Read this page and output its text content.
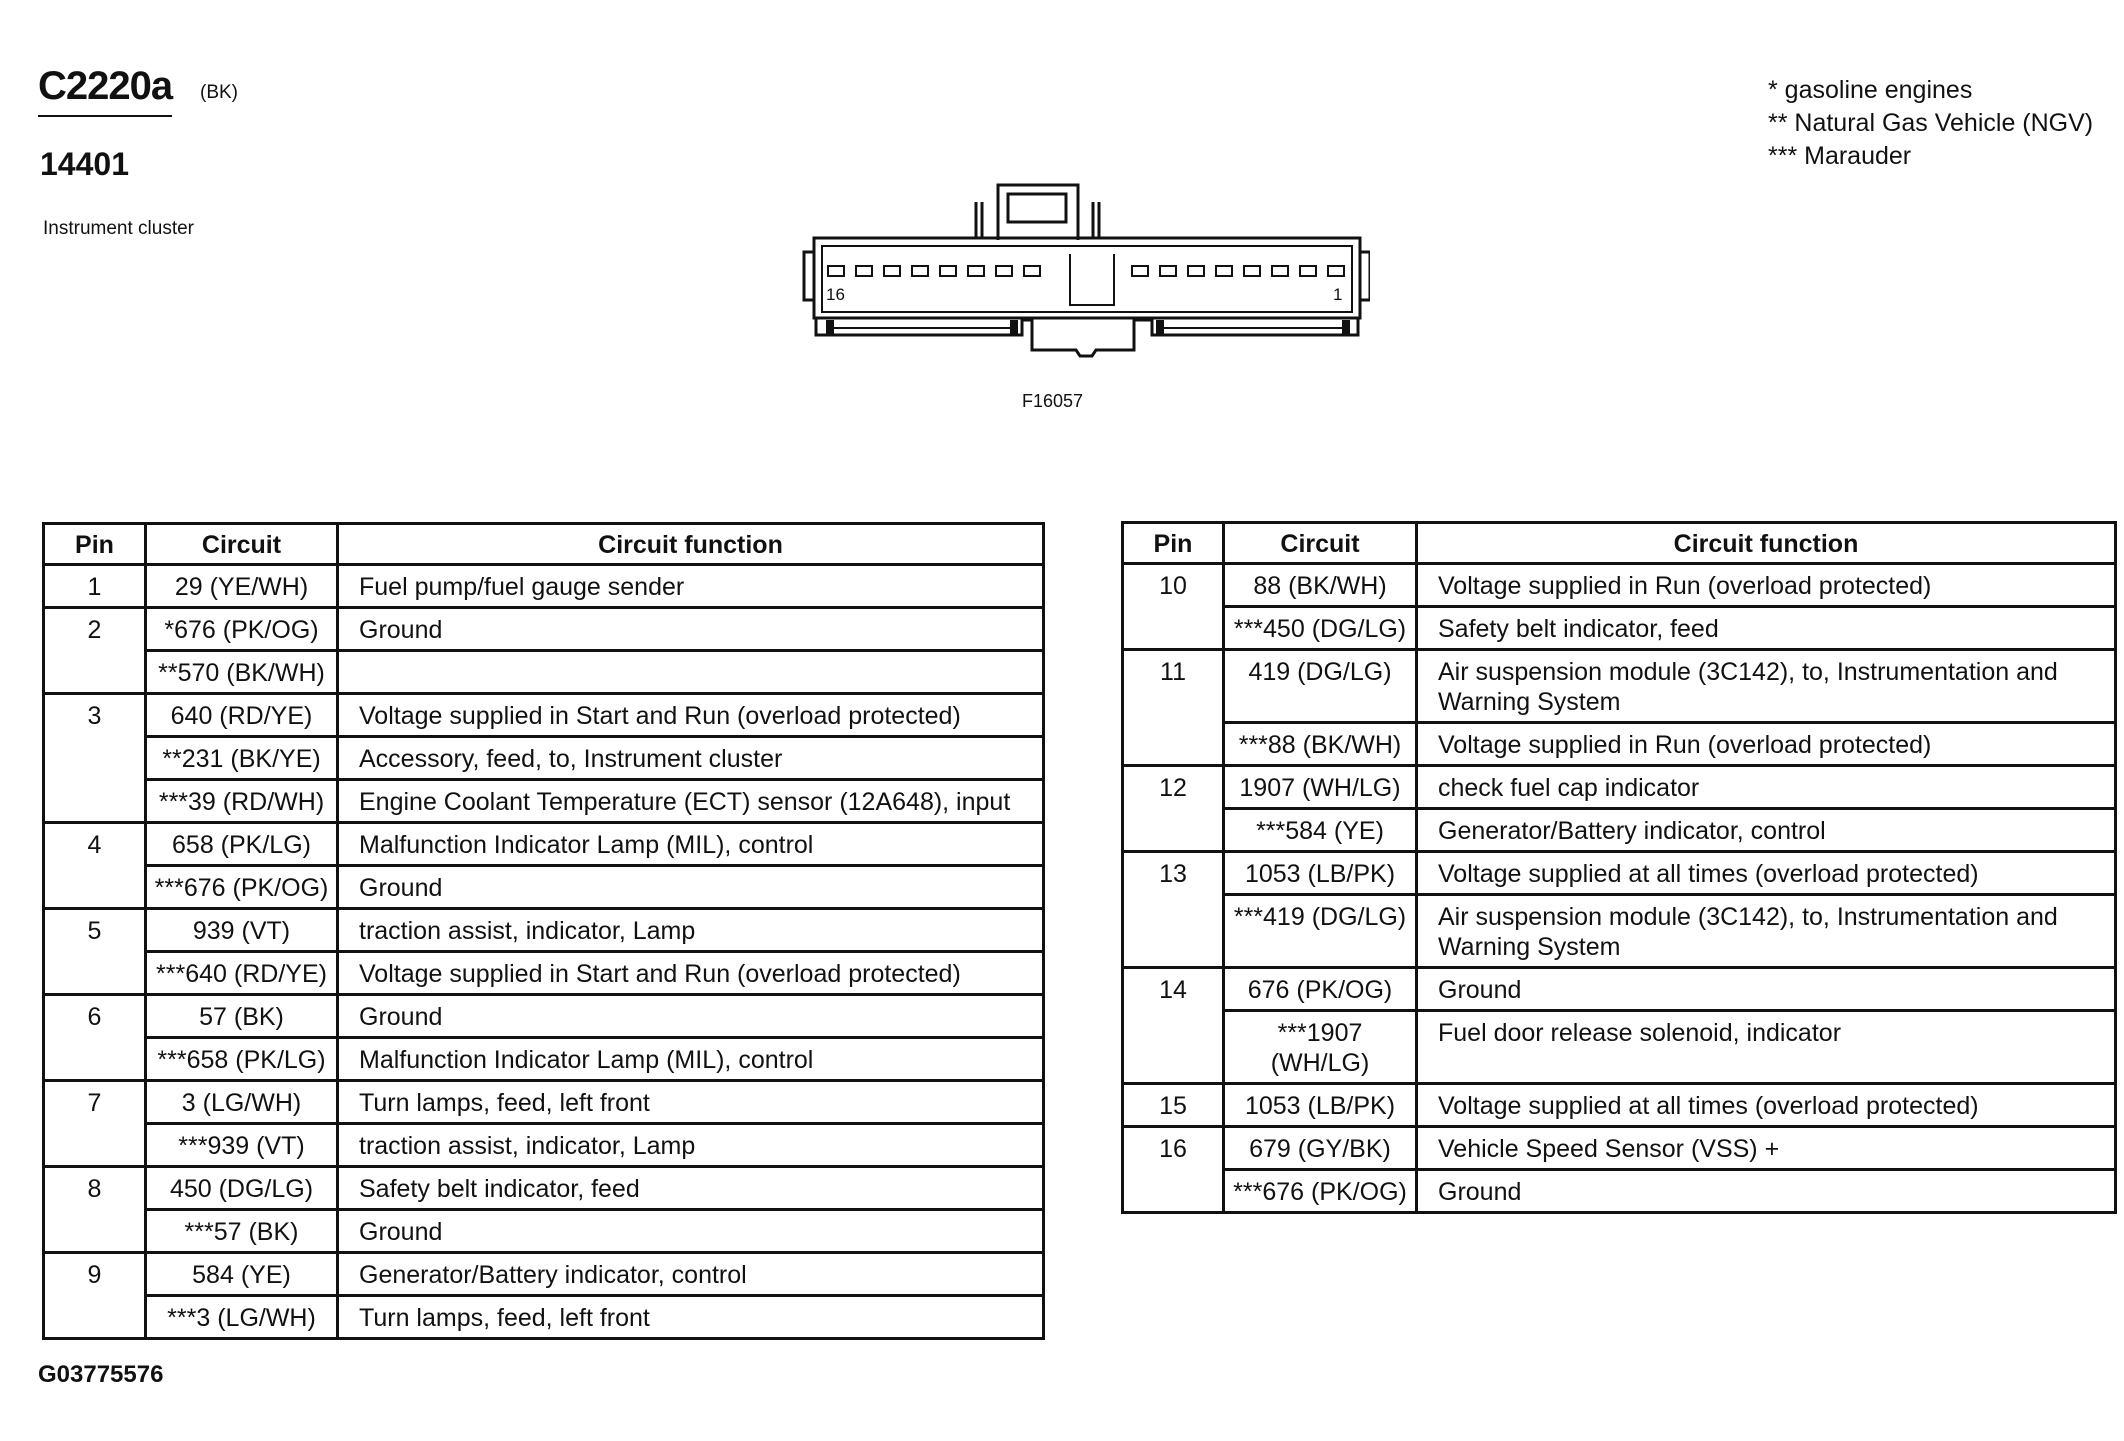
C2220a (BK)
14401
Instrument cluster
* gasoline engines
** Natural Gas Vehicle (NGV)
*** Marauder
16	1
F16057
Pin	Circuit	Circuit function
1	29 (YE/WH)	Fuel pump/fuel gauge sender
2	*676 (PK/OG)	Ground
	**570 (BK/WH)	
3	640 (RD/YE)	Voltage supplied in Start and Run (overload protected)
	**231 (BK/YE)	Accessory, feed, to, Instrument cluster
	***39 (RD/WH)	Engine Coolant Temperature (ECT) sensor (12A648), input
4	658 (PK/LG)	Malfunction Indicator Lamp (MIL), control
	***676 (PK/OG)	Ground
5	939 (VT)	traction assist, indicator, Lamp
	***640 (RD/YE)	Voltage supplied in Start and Run (overload protected)
6	57 (BK)	Ground
	***658 (PK/LG)	Malfunction Indicator Lamp (MIL), control
7	3 (LG/WH)	Turn lamps, feed, left front
	***939 (VT)	traction assist, indicator, Lamp
8	450 (DG/LG)	Safety belt indicator, feed
	***57 (BK)	Ground
9	584 (YE)	Generator/Battery indicator, control
	***3 (LG/WH)	Turn lamps, feed, left front
Pin	Circuit	Circuit function
10	88 (BK/WH)	Voltage supplied in Run (overload protected)
	***450 (DG/LG)	Safety belt indicator, feed
11	419 (DG/LG)	Air suspension module (3C142), to, Instrumentation and Warning System
	***88 (BK/WH)	Voltage supplied in Run (overload protected)
12	1907 (WH/LG)	check fuel cap indicator
	***584 (YE)	Generator/Battery indicator, control
13	1053 (LB/PK)	Voltage supplied at all times (overload protected)
	***419 (DG/LG)	Air suspension module (3C142), to, Instrumentation and Warning System
14	676 (PK/OG)	Ground
	***1907 (WH/LG)	Fuel door release solenoid, indicator
15	1053 (LB/PK)	Voltage supplied at all times (overload protected)
16	679 (GY/BK)	Vehicle Speed Sensor (VSS) +
	***676 (PK/OG)	Ground
G03775576
